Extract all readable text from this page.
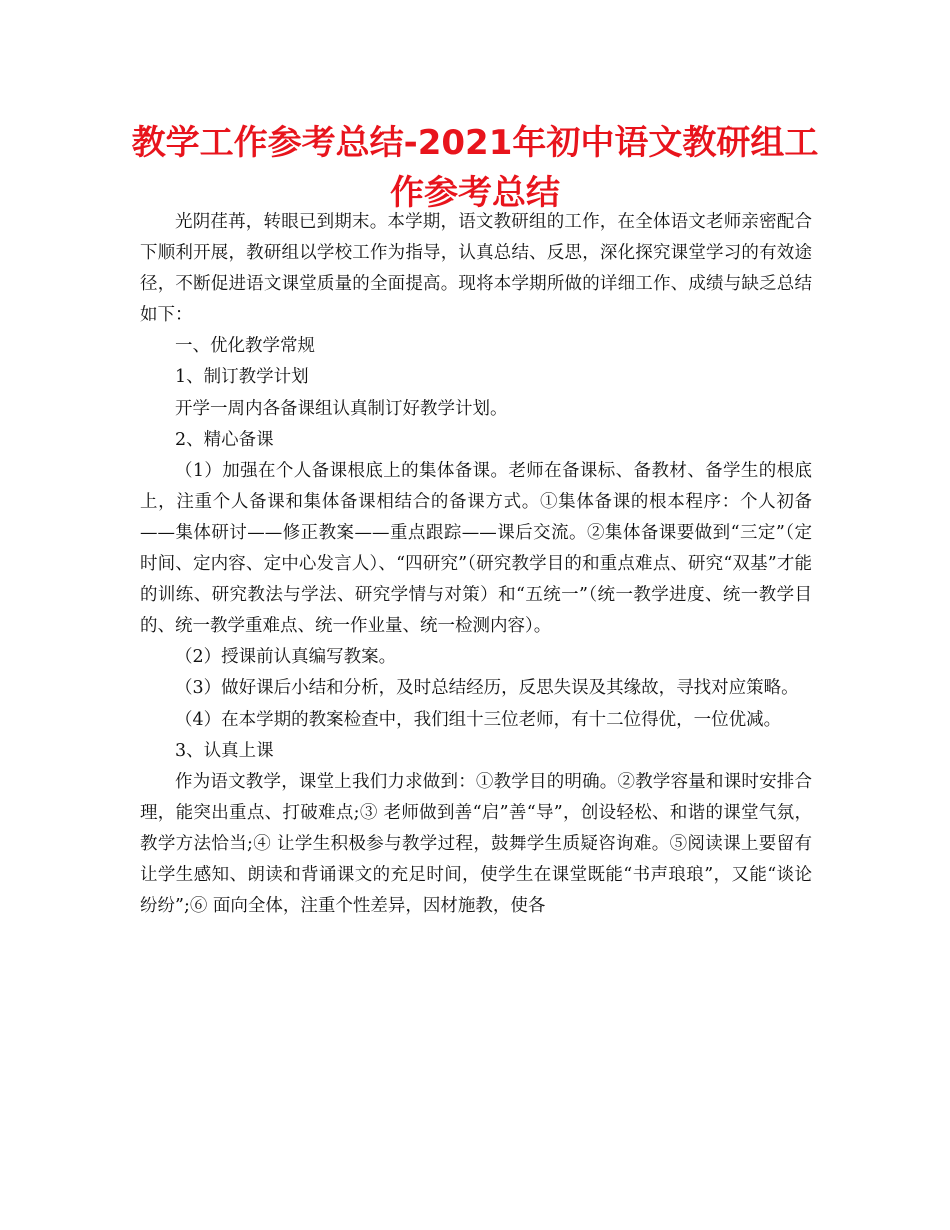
教学工作参考总结-2021年初中语文教研组工作参考总结

光阴荏苒，转眼已到期末。本学期，语文教研组的工作，在全体语文老师亲密配合下顺利开展，教研组以学校工作为指导，认真总结、反思，深化探究课堂学习的有效途径，不断促进语文课堂质量的全面提高。现将本学期所做的详细工作、成绩与缺乏总结如下：

一、优化教学常规

1、制订教学计划

开学一周内各备课组认真制订好教学计划。

2、精心备课

（1）加强在个人备课根底上的集体备课。老师在备课标、备教材、备学生的根底上，注重个人备课和集体备课相结合的备课方式。①集体备课的根本程序：个人初备——集体研讨——修正教案——重点跟踪——课后交流。②集体备课要做到“三定”（定时间、定内容、定中心发言人）、“四研究”（研究教学目的和重点难点、研究“双基”才能的训练、研究教法与学法、研究学情与对策）和“五统一”（统一教学进度、统一教学目的、统一教学重难点、统一作业量、统一检测内容）。

（2）授课前认真编写教案。

（3）做好课后小结和分析，及时总结经历，反思失误及其缘故，寻找对应策略。

（4）在本学期的教案检查中，我们组十三位老师，有十二位得优，一位优减。

3、认真上课

作为语文教学，课堂上我们力求做到：①教学目的明确。②教学容量和课时安排合理，能突出重点、打破难点;③ 老师做到善“启”善“导”，创设轻松、和谐的课堂气氛，教学方法恰当;④ 让学生积极参与教学过程，鼓舞学生质疑咨询难。⑤阅读课上要留有让学生感知、朗读和背诵课文的充足时间，使学生在课堂既能“书声琅琅”，又能“谈论纷纷”;⑥ 面向全体，注重个性差异，因材施教，使各
